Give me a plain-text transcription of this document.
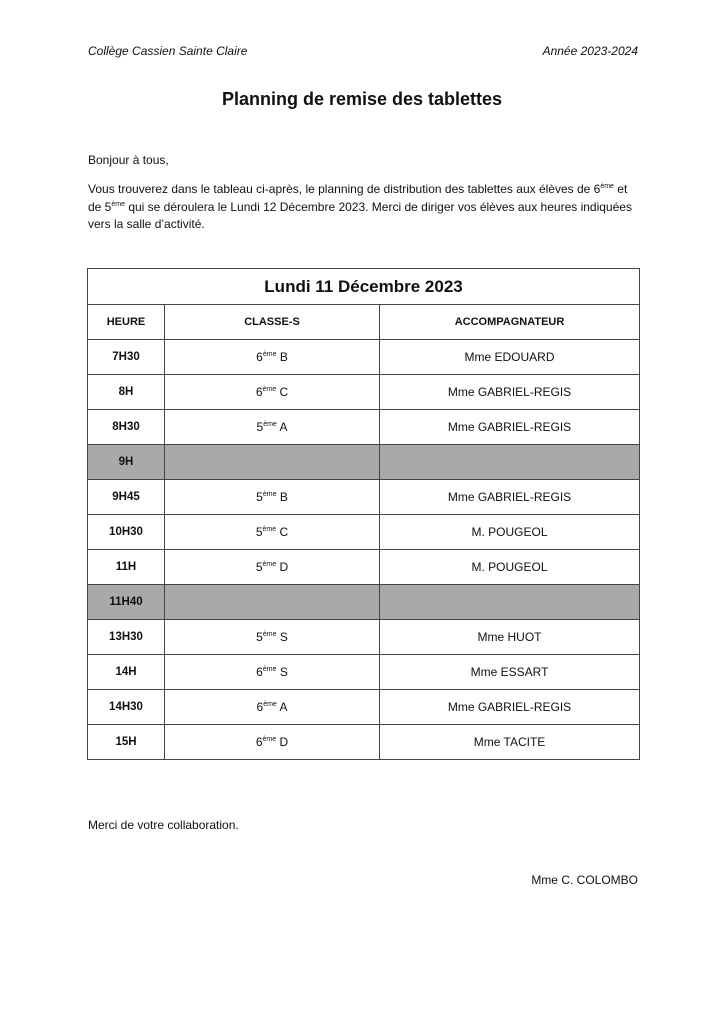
Collège Cassien Sainte Claire	Année 2023-2024
Planning de remise des tablettes
Bonjour à tous,
Vous trouverez dans le tableau ci-après, le planning de distribution des tablettes aux élèves de 6ème et de 5ème qui se déroulera le Lundi 12 Décembre 2023. Merci de diriger vos élèves aux heures indiquées vers la salle d’activité.
Lundi 11 Décembre 2023		
HEURE	CLASSE-S	ACCOMPAGNATEUR
7H30	6ème B	Mme EDOUARD
8H	6ème C	Mme GABRIEL-REGIS
8H30	5ème A	Mme GABRIEL-REGIS
9H		
9H45	5ème B	Mme GABRIEL-REGIS
10H30	5ème C	M. POUGEOL
11H	5ème D	M. POUGEOL
11H40		
13H30	5ème S	Mme HUOT
14H	6ème S	Mme ESSART
14H30	6ème A	Mme GABRIEL-REGIS
15H	6ème D	Mme TACITE
Merci de votre collaboration.
Mme C. COLOMBO
